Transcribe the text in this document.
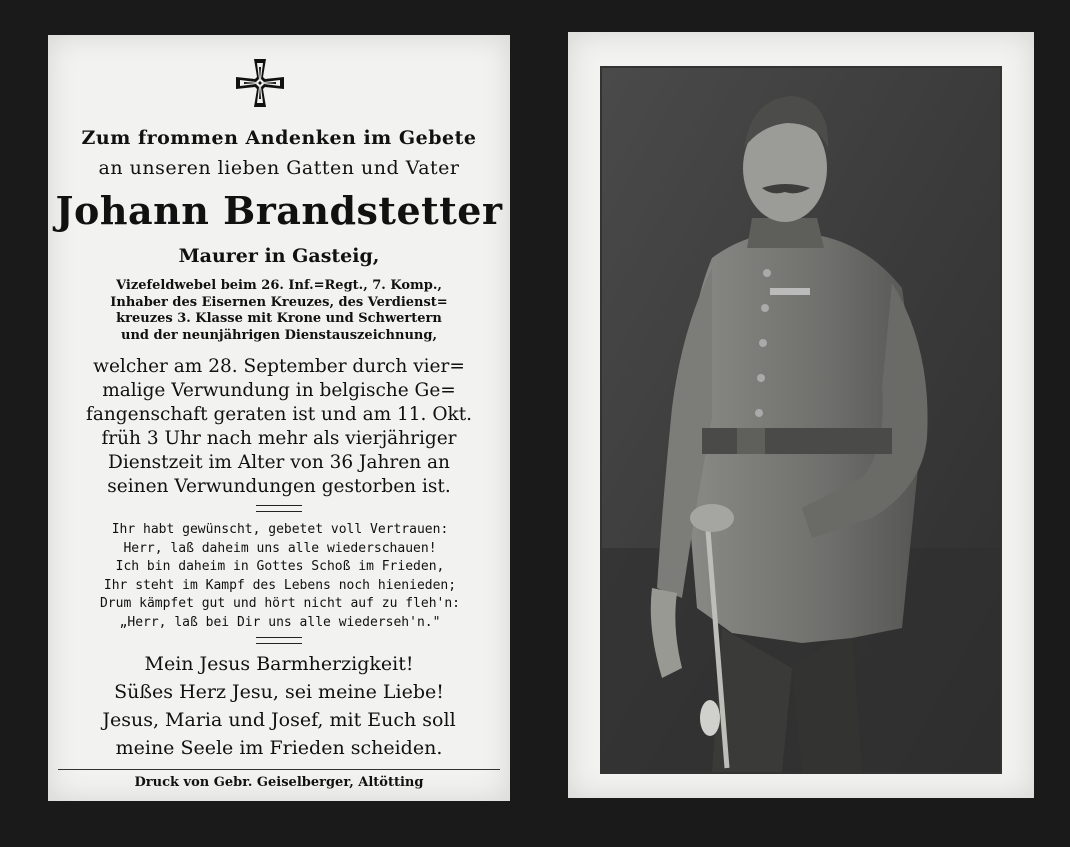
Zum frommen Andenken im Gebete
an unseren lieben Gatten und Vater
Johann Brandstetter
Maurer in Gasteig,
Vizefeldwebel beim 26. Inf.=Regt., 7. Komp.,
Inhaber des Eisernen Kreuzes, des Verdienst=
kreuzes 3. Klasse mit Krone und Schwertern
und der neunjährigen Dienstauszeichnung,
welcher am 28. September durch vier=
malige Verwundung in belgische Ge=
fangenschaft geraten ist und am 11. Okt.
früh 3 Uhr nach mehr als vierjähriger
Dienstzeit im Alter von 36 Jahren an
seinen Verwundungen gestorben ist.
Ihr habt gewünscht, gebetet voll Vertrauen:
Herr, laß daheim uns alle wiederschauen!
Ich bin daheim in Gottes Schoß im Frieden,
Ihr steht im Kampf des Lebens noch hienieden;
Drum kämpfet gut und hört nicht auf zu fleh'n:
„Herr, laß bei Dir uns alle wiederseh'n."
Mein Jesus Barmherzigkeit!
Süßes Herz Jesu, sei meine Liebe!
Jesus, Maria und Josef, mit Euch soll
meine Seele im Frieden scheiden.
Druck von Gebr. Geiselberger, Altötting
